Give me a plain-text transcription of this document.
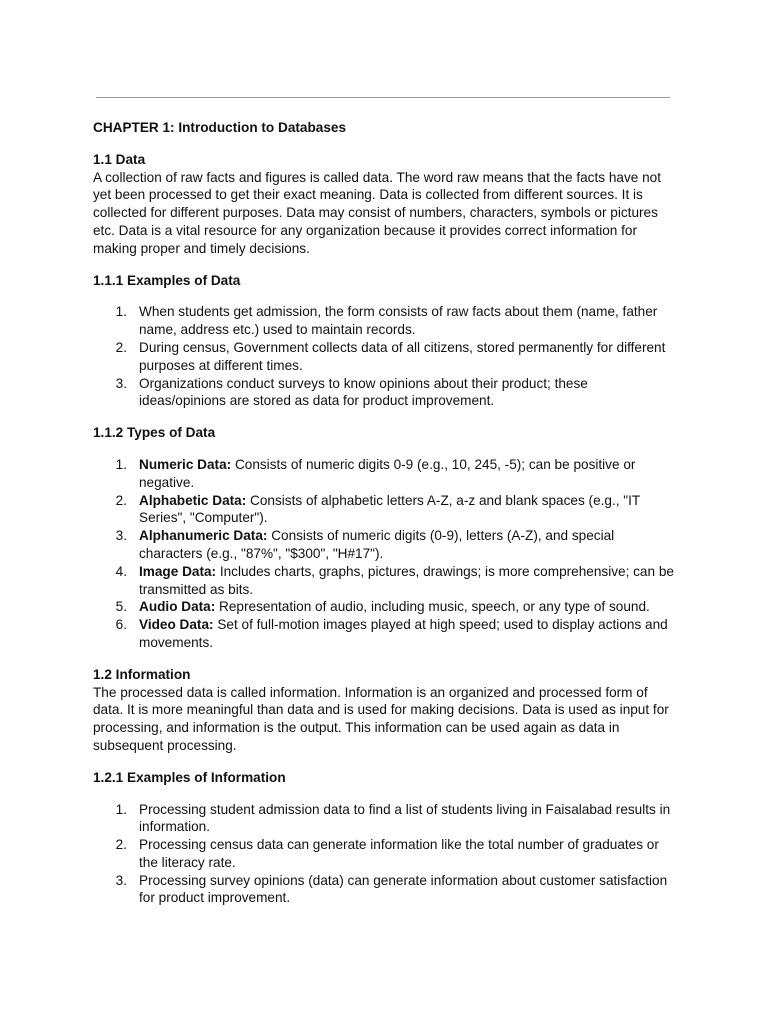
CHAPTER 1: Introduction to Databases
1.1 Data

A collection of raw facts and figures is called data. The word raw means that the facts have not yet been processed to get their exact meaning. Data is collected from different sources. It is collected for different purposes. Data may consist of numbers, characters, symbols or pictures etc. Data is a vital resource for any organization because it provides correct information for making proper and timely decisions.

1.1.1 Examples of Data
1. When students get admission, the form consists of raw facts about them (name, father name, address etc.) used to maintain records.
2. During census, Government collects data of all citizens, stored permanently for different purposes at different times.
3. Organizations conduct surveys to know opinions about their product; these ideas/opinions are stored as data for product improvement.
1.1.2 Types of Data
1. Numeric Data: Consists of numeric digits 0-9 (e.g., 10, 245, -5); can be positive or negative.
2. Alphabetic Data: Consists of alphabetic letters A-Z, a-z and blank spaces (e.g., "IT Series", "Computer").
3. Alphanumeric Data: Consists of numeric digits (0-9), letters (A-Z), and special characters (e.g., "87%", "$300", "H#17").
4. Image Data: Includes charts, graphs, pictures, drawings; is more comprehensive; can be transmitted as bits.
5. Audio Data: Representation of audio, including music, speech, or any type of sound.
6. Video Data: Set of full-motion images played at high speed; used to display actions and movements.
1.2 Information

The processed data is called information. Information is an organized and processed form of data. It is more meaningful than data and is used for making decisions. Data is used as input for processing, and information is the output. This information can be used again as data in subsequent processing.

1.2.1 Examples of Information
1. Processing student admission data to find a list of students living in Faisalabad results in information.
2. Processing census data can generate information like the total number of graduates or the literacy rate.
3. Processing survey opinions (data) can generate information about customer satisfaction for product improvement.
